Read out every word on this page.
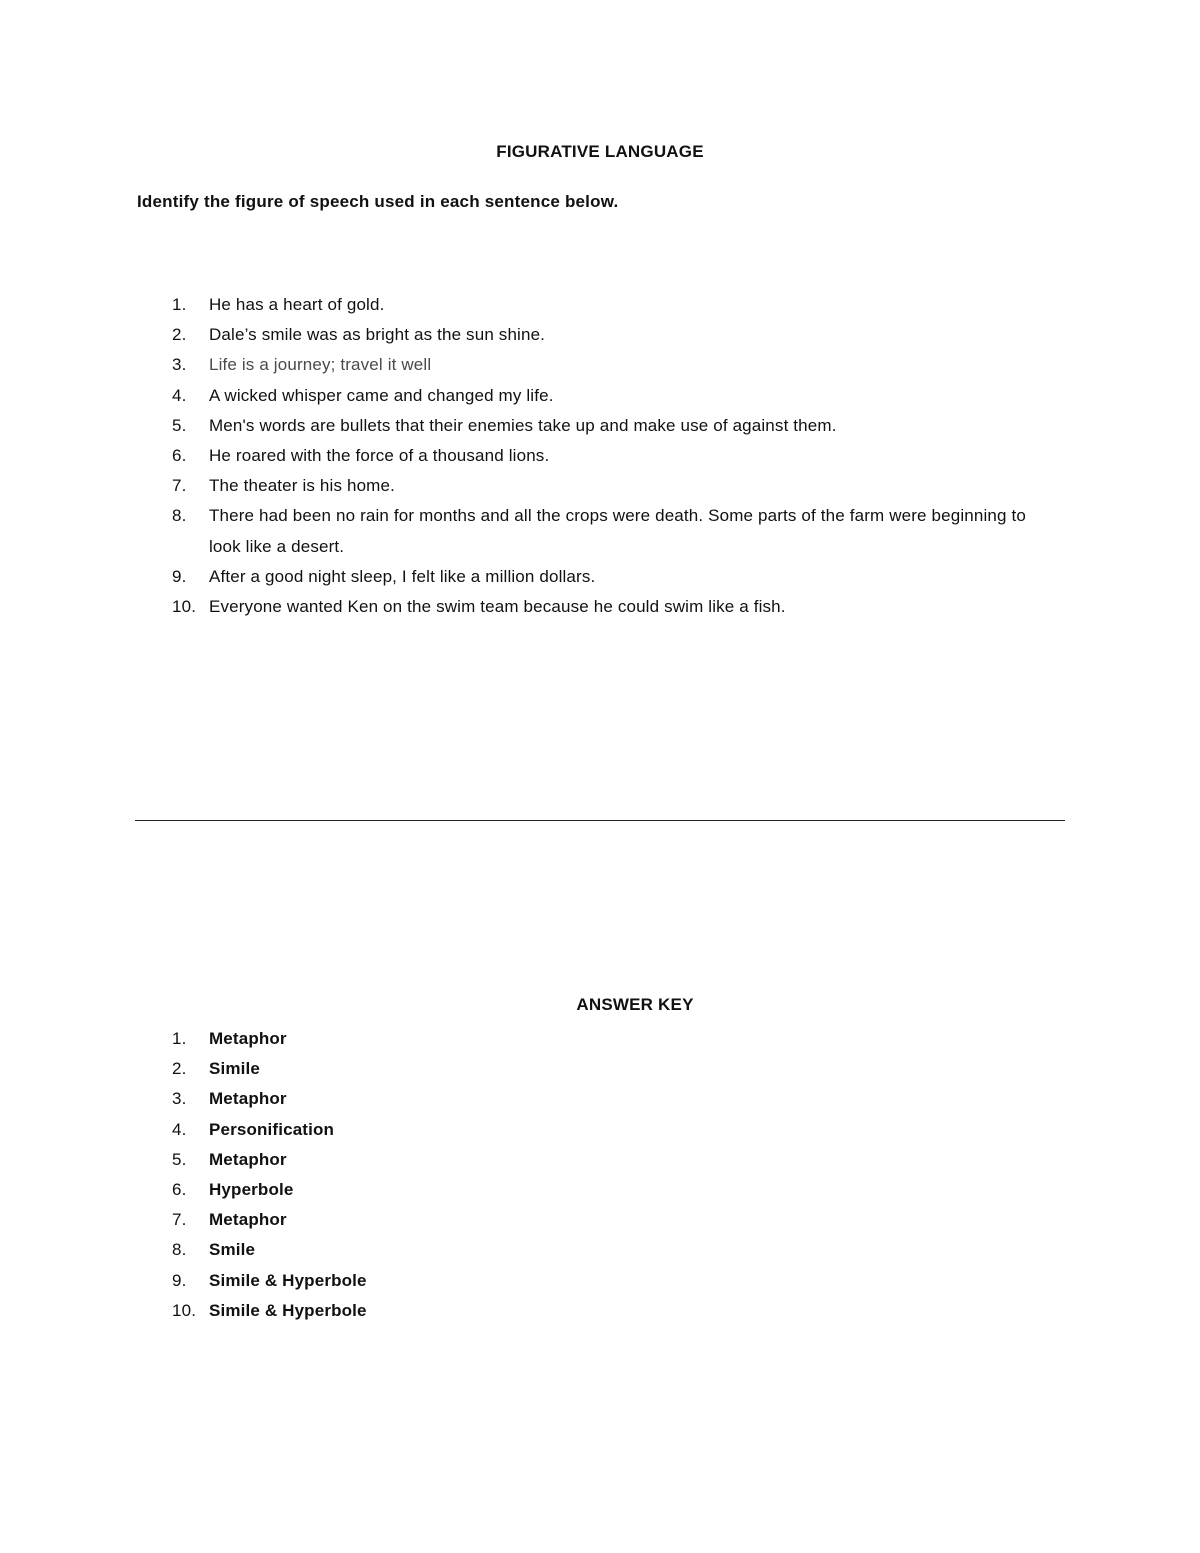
FIGURATIVE LANGUAGE
Identify the figure of speech used in each sentence below.
1.	He has a heart of gold.
2.	Dale’s smile was as bright as the sun shine.
3.	Life is a journey; travel it well
4.	A wicked whisper came and changed my life.
5.	Men's words are bullets that their enemies take up and make use of against them.
6.	He roared with the force of a thousand lions.
7.	The theater is his home.
8.	There had been no rain for months and all the crops were death. Some parts of the farm were beginning to look like a desert.
9.	After a good night sleep, I felt like a million dollars.
10. Everyone wanted Ken on the swim team because he could swim like a fish.
ANSWER KEY
1.	Metaphor
2.	Simile
3.	Metaphor
4.	Personification
5.	Metaphor
6.	Hyperbole
7.	Metaphor
8.	Smile
9.	Simile & Hyperbole
10. Simile & Hyperbole
